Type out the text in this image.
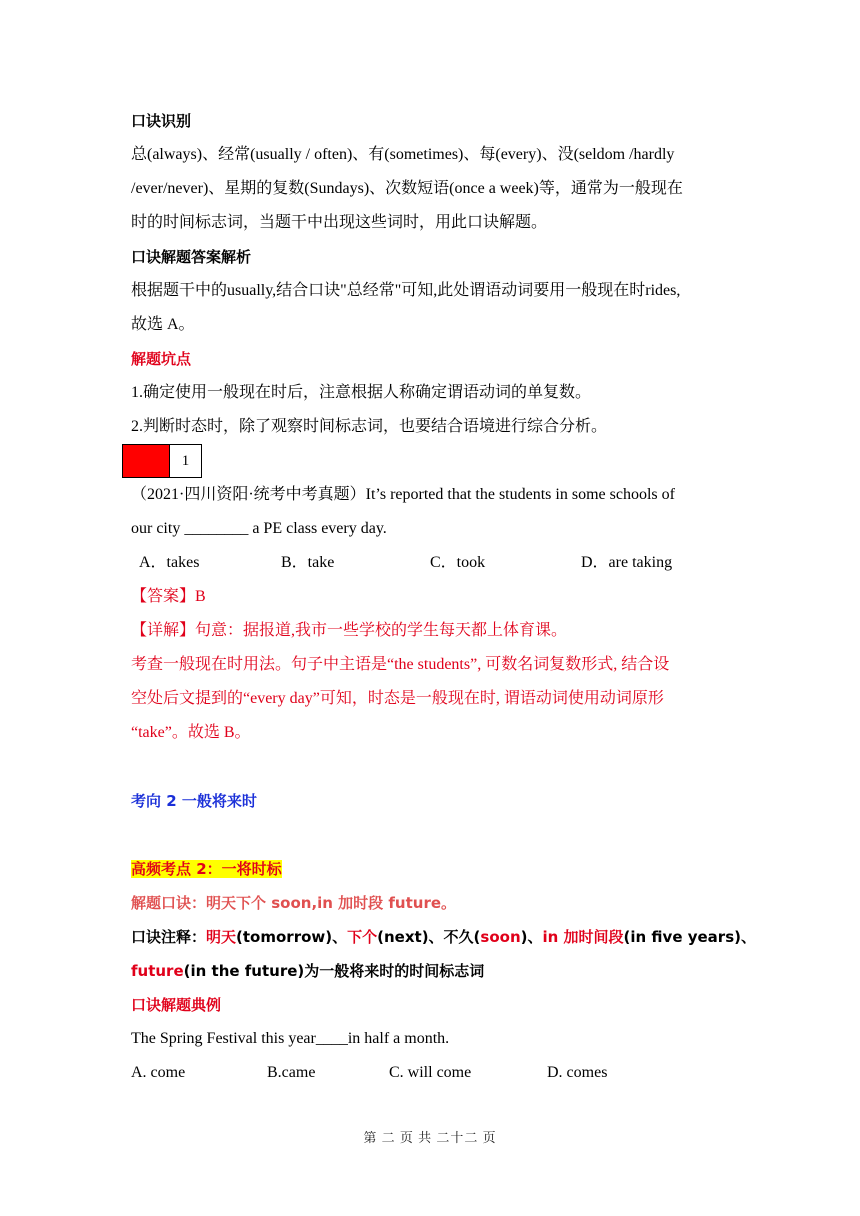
口诀识别
总(always)、经常(usually / often)、有(sometimes)、每(every)、没(seldom /hardly
/ever/never)、星期的复数(Sundays)、次数短语(once a week)等，通常为一般现在
时的时间标志词，当题干中出现这些词时，用此口诀解题。
口诀解题答案解析
根据题干中的usually,结合口诀"总经常"可知,此处谓语动词要用一般现在时rides,
故选 A。
解题坑点
1.确定使用一般现在时后，注意根据人称确定谓语动词的单复数。
2.判断时态时，除了观察时间标志词，也要结合语境进行综合分析。
1
（2021·四川资阳·统考中考真题）It’s reported that the students in some schools of
our city ________ a PE class every day.
A．takes	B．take	C．took	D．are taking
【答案】B
【详解】句意：据报道,我市一些学校的学生每天都上体育课。
考查一般现在时用法。句子中主语是“the students”, 可数名词复数形式, 结合设
空处后文提到的“every day”可知，时态是一般现在时, 谓语动词使用动词原形
“take”。故选 B。
考向 2 一般将来时
高频考点 2：一将时标
解题口诀：明天下个 soon,in 加时段 future。
口诀注释：明天(tomorrow)、下个(next)、不久(soon)、in 加时间段(in five years)、
future(in the future)为一般将来时的时间标志词
口诀解题典例
The Spring Festival this year____in half a month.
A. come	B.came	C. will come	D. comes
第 二 页 共 二十二 页
